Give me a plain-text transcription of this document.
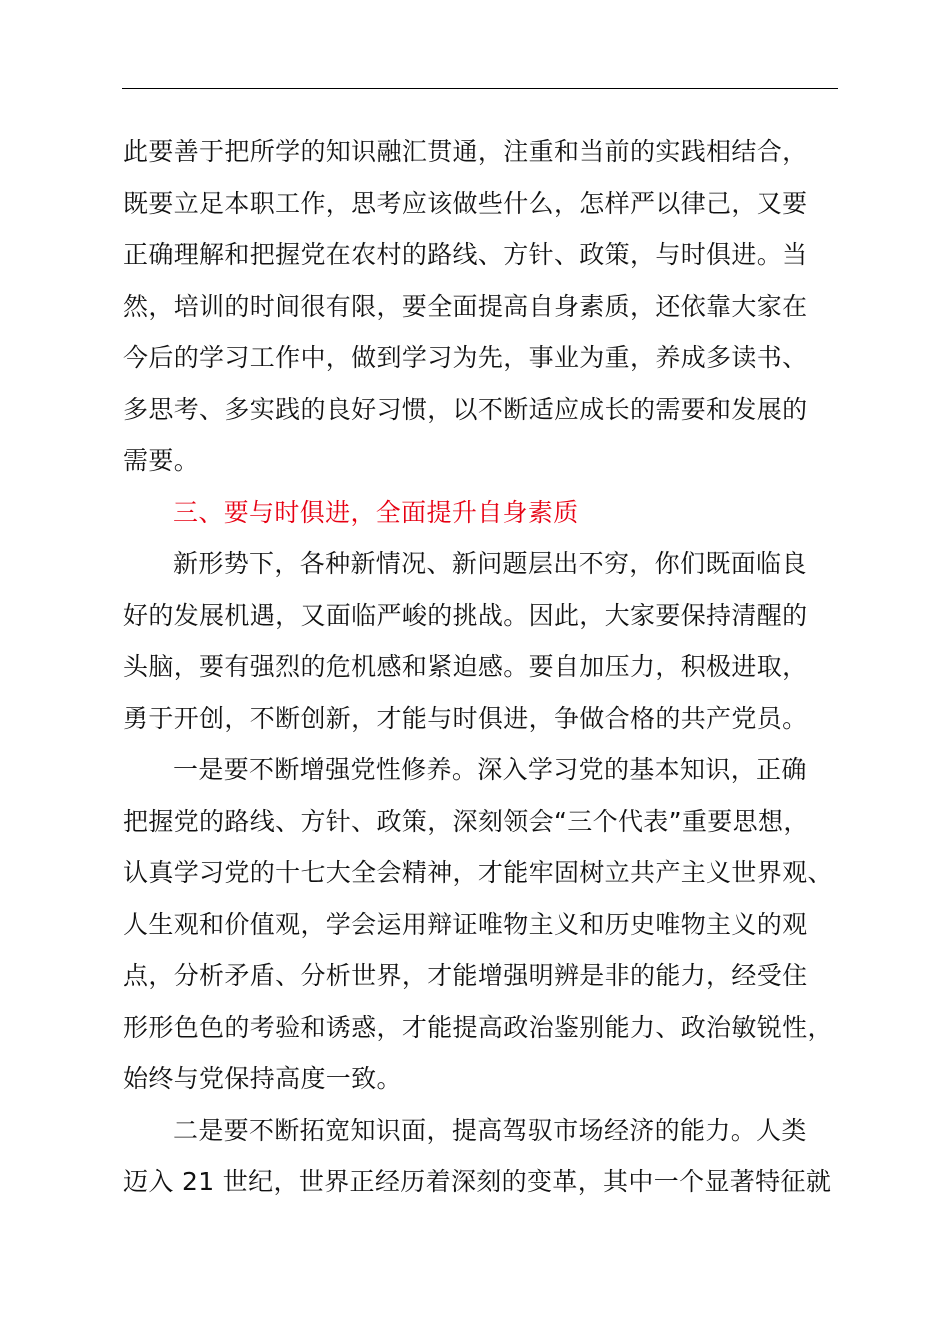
此要善于把所学的知识融汇贯通，注重和当前的实践相结合，
既要立足本职工作，思考应该做些什么，怎样严以律己，又要
正确理解和把握党在农村的路线、方针、政策，与时俱进。当
然，培训的时间很有限，要全面提高自身素质，还依靠大家在
今后的学习工作中，做到学习为先，事业为重，养成多读书、
多思考、多实践的良好习惯，以不断适应成长的需要和发展的
需要。
三、要与时俱进，全面提升自身素质
新形势下，各种新情况、新问题层出不穷，你们既面临良
好的发展机遇，又面临严峻的挑战。因此，大家要保持清醒的
头脑，要有强烈的危机感和紧迫感。要自加压力，积极进取，
勇于开创，不断创新，才能与时俱进，争做合格的共产党员。
一是要不断增强党性修养。深入学习党的基本知识，正确
把握党的路线、方针、政策，深刻领会“三个代表”重要思想，
认真学习党的十七大全会精神，才能牢固树立共产主义世界观、
人生观和价值观，学会运用辩证唯物主义和历史唯物主义的观
点，分析矛盾、分析世界，才能增强明辨是非的能力，经受住
形形色色的考验和诱惑，才能提高政治鉴别能力、政治敏锐性，
始终与党保持高度一致。
二是要不断拓宽知识面，提高驾驭市场经济的能力。人类
迈入 21 世纪，世界正经历着深刻的变革，其中一个显著特征就
